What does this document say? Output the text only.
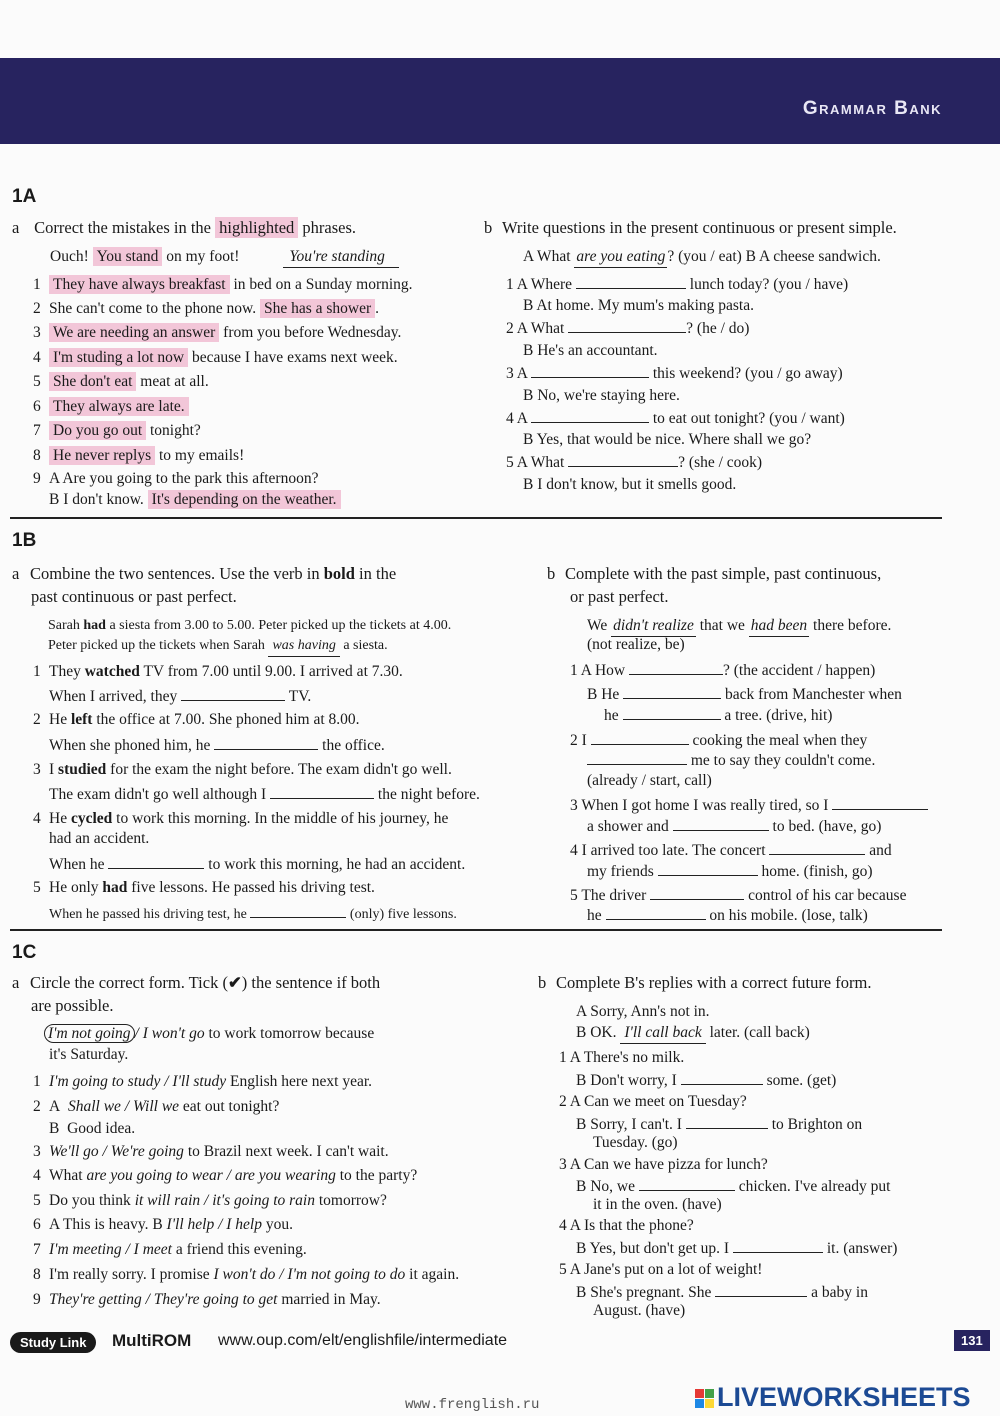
Grammar Bank
1A
a Correct the mistakes in the highlighted phrases.
Ouch! You stand on my foot!	You're standing
1 They have always breakfast in bed on a Sunday morning.
2 She can't come to the phone now. She has a shower .
3 We are needing an answer from you before Wednesday.
4 I'm studing a lot now because I have exams next week.
5 She don't eat meat at all.
6 They always are late.
7 Do you go out tonight?
8 He never replys to my emails!
9 A Are you going to the park this afternoon?
B I don't know. It's depending on the weather.
b Write questions in the present continuous or present simple.
A What are you eating ? (you / eat) B A cheese sandwich.
1 A Where	lunch today? (you / have)
B At home. My mum's making pasta.
2 A What	? (he / do)
B He's an accountant.
3 A	this weekend? (you / go away)
B No, we're staying here.
4 A	to eat out tonight? (you / want)
B Yes, that would be nice. Where shall we go?
5 A What	? (she / cook)
B I don't know, but it smells good.
1B
a Combine the two sentences. Use the verb in bold in the
past continuous or past perfect.
Sarah had a siesta from 3.00 to 5.00. Peter picked up the tickets at 4.00.
Peter picked up the tickets when Sarah was having a siesta.
1 They watched TV from 7.00 until 9.00. I arrived at 7.30.
When I arrived, they	TV.
2 He left the office at 7.00. She phoned him at 8.00.
When she phoned him, he	the office.
3 I studied for the exam the night before. The exam didn't go well.
The exam didn't go well although I	the night before.
4 He cycled to work this morning. In the middle of his journey, he
had an accident.
When he	to work this morning, he had an accident.
5 He only had five lessons. He passed his driving test.
When he passed his driving test, he	(only) five lessons.
b Complete with the past simple, past continuous,
or past perfect.
We didn't realize that we had been there before.
(not realize, be)
1 A How	? (the accident / happen)
B He	back from Manchester when
he	a tree. (drive, hit)
2 I	cooking the meal when they
me to say they couldn't come.
(already / start, call)
3 When I got home I was really tired, so I
a shower and	to bed. (have, go)
4 I arrived too late. The concert	and
my friends	home. (finish, go)
5 The driver	control of his car because
he	on his mobile. (lose, talk)
1C
a Circle the correct form. Tick (✔) the sentence if both
are possible.
I'm not going / I won't go to work tomorrow because
it's Saturday.
1 I'm going to study / I'll study English here next year.
2 A Shall we / Will we eat out tonight?
B Good idea.
3 We'll go / We're going to Brazil next week. I can't wait.
4 What are you going to wear / are you wearing to the party?
5 Do you think it will rain / it's going to rain tomorrow?
6 A This is heavy. B I'll help / I help you.
7 I'm meeting / I meet a friend this evening.
8 I'm really sorry. I promise I won't do / I'm not going to do it again.
9 They're getting / They're going to get married in May.
b Complete B's replies with a correct future form.
A Sorry, Ann's not in.
B OK. I'll call back later. (call back)
1 A There's no milk.
B Don't worry, I	some. (get)
2 A Can we meet on Tuesday?
B Sorry, I can't. I	to Brighton on
Tuesday. (go)
3 A Can we have pizza for lunch?
B No, we	chicken. I've already put
it in the oven. (have)
4 A Is that the phone?
B Yes, but don't get up. I	it. (answer)
5 A Jane's put on a lot of weight!
B She's pregnant. She	a baby in
August. (have)
Study Link	MultiROM www.oup.com/elt/englishfile/intermediate	131
www.frenglish.ru	LIVEWORKSHEETS
